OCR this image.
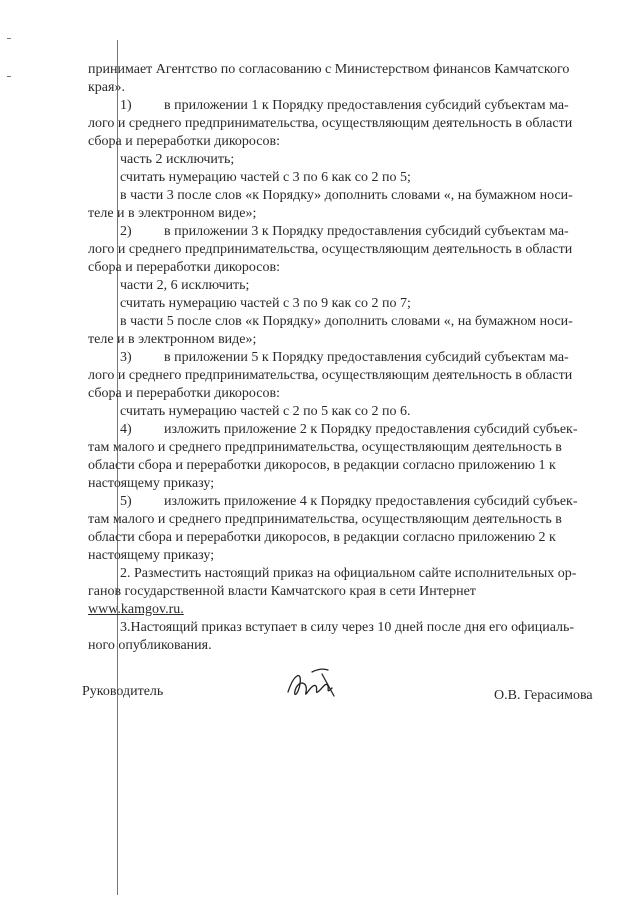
принимает Агентство по согласованию с Министерством финансов Камчатского
края».
1) в приложении 1 к Порядку предоставления субсидий субъектам ма-
лого и среднего предпринимательства, осуществляющим деятельность в области
сбора и переработки дикоросов:
часть 2 исключить;
считать нумерацию частей с 3 по 6 как со 2 по 5;
в части 3 после слов «к Порядку» дополнить словами «, на бумажном носи-
теле и в электронном виде»;
2) в приложении 3 к Порядку предоставления субсидий субъектам ма-
лого и среднего предпринимательства, осуществляющим деятельность в области
сбора и переработки дикоросов:
части 2, 6 исключить;
считать нумерацию частей с 3 по 9 как со 2 по 7;
в части 5 после слов «к Порядку» дополнить словами «, на бумажном носи-
теле и в электронном виде»;
3) в приложении 5 к Порядку предоставления субсидий субъектам ма-
лого и среднего предпринимательства, осуществляющим деятельность в области
сбора и переработки дикоросов:
считать нумерацию частей с 2 по 5 как со 2 по 6.
4) изложить приложение 2 к Порядку предоставления субсидий субъек-
там малого и среднего предпринимательства, осуществляющим деятельность в
области сбора и переработки дикоросов, в редакции согласно приложению 1 к
настоящему приказу;
5) изложить приложение 4 к Порядку предоставления субсидий субъек-
там малого и среднего предпринимательства, осуществляющим деятельность в
области сбора и переработки дикоросов, в редакции согласно приложению 2 к
настоящему приказу;
2. Разместить настоящий приказ на официальном сайте исполнительных ор-
ганов государственной власти Камчатского края в сети Интернет
www.kamgov.ru.
3.Настоящий приказ вступает в силу через 10 дней после дня его официаль-
ного опубликования.
Руководитель	О.В. Герасимова
